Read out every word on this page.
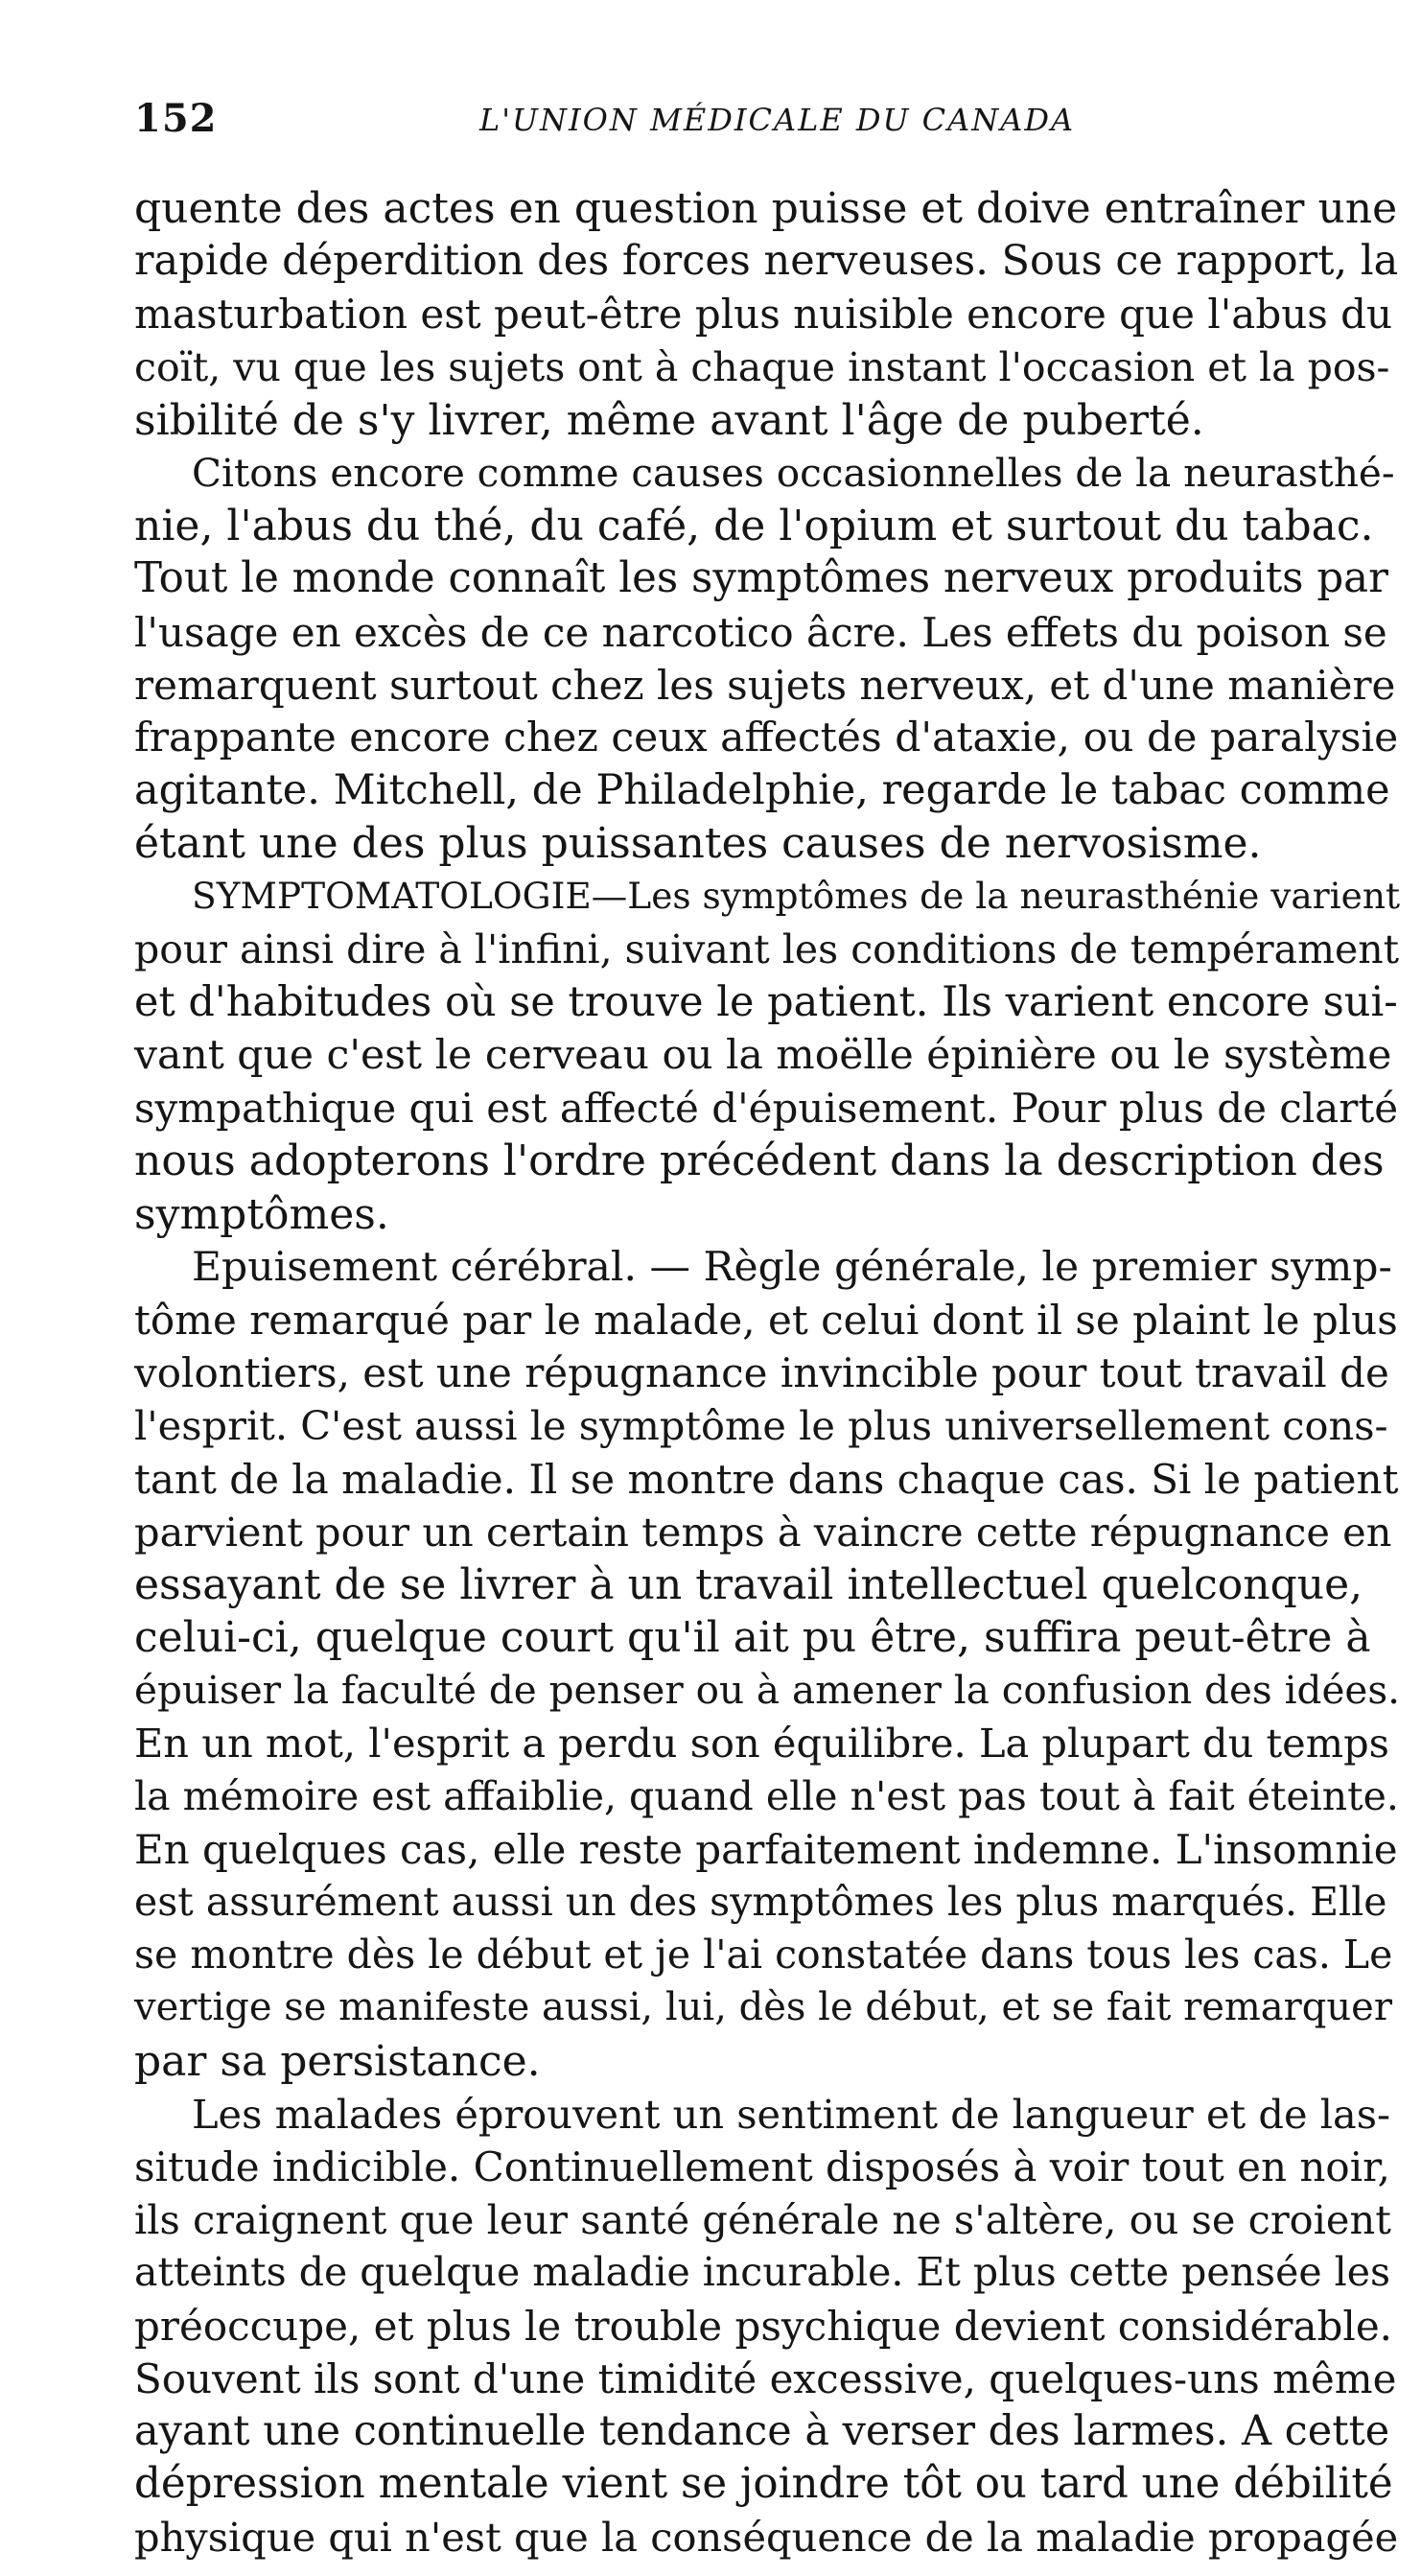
152	L'UNION MÉDICALE DU CANADA
quente des actes en question puisse et doive entraîner une
rapide déperdition des forces nerveuses. Sous ce rapport, la
masturbation est peut-être plus nuisible encore que l'abus du
coït, vu que les sujets ont à chaque instant l'occasion et la pos-
sibilité de s'y livrer, même avant l'âge de puberté.
Citons encore comme causes occasionnelles de la neurasthé-
nie, l'abus du thé, du café, de l'opium et surtout du tabac.
Tout le monde connaît les symptômes nerveux produits par
l'usage en excès de ce narcotico âcre. Les effets du poison se
remarquent surtout chez les sujets nerveux, et d'une manière
frappante encore chez ceux affectés d'ataxie, ou de paralysie
agitante. Mitchell, de Philadelphie, regarde le tabac comme
étant une des plus puissantes causes de nervosisme.
SYMPTOMATOLOGIE—Les symptômes de la neurasthénie varient
pour ainsi dire à l'infini, suivant les conditions de tempérament
et d'habitudes où se trouve le patient. Ils varient encore sui-
vant que c'est le cerveau ou la moëlle épinière ou le système
sympathique qui est affecté d'épuisement. Pour plus de clarté
nous adopterons l'ordre précédent dans la description des
symptômes.
Epuisement cérébral. — Règle générale, le premier symp-
tôme remarqué par le malade, et celui dont il se plaint le plus
volontiers, est une répugnance invincible pour tout travail de
l'esprit. C'est aussi le symptôme le plus universellement cons-
tant de la maladie. Il se montre dans chaque cas. Si le patient
parvient pour un certain temps à vaincre cette répugnance en
essayant de se livrer à un travail intellectuel quelconque,
celui-ci, quelque court qu'il ait pu être, suffira peut-être à
épuiser la faculté de penser ou à amener la confusion des idées.
En un mot, l'esprit a perdu son équilibre. La plupart du temps
la mémoire est affaiblie, quand elle n'est pas tout à fait éteinte.
En quelques cas, elle reste parfaitement indemne. L'insomnie
est assurément aussi un des symptômes les plus marqués. Elle
se montre dès le début et je l'ai constatée dans tous les cas. Le
vertige se manifeste aussi, lui, dès le début, et se fait remarquer
par sa persistance.
Les malades éprouvent un sentiment de langueur et de las-
situde indicible. Continuellement disposés à voir tout en noir,
ils craignent que leur santé générale ne s'altère, ou se croient
atteints de quelque maladie incurable. Et plus cette pensée les
préoccupe, et plus le trouble psychique devient considérable.
Souvent ils sont d'une timidité excessive, quelques-uns même
ayant une continuelle tendance à verser des larmes. A cette
dépression mentale vient se joindre tôt ou tard une débilité
physique qui n'est que la conséquence de la maladie propagée
